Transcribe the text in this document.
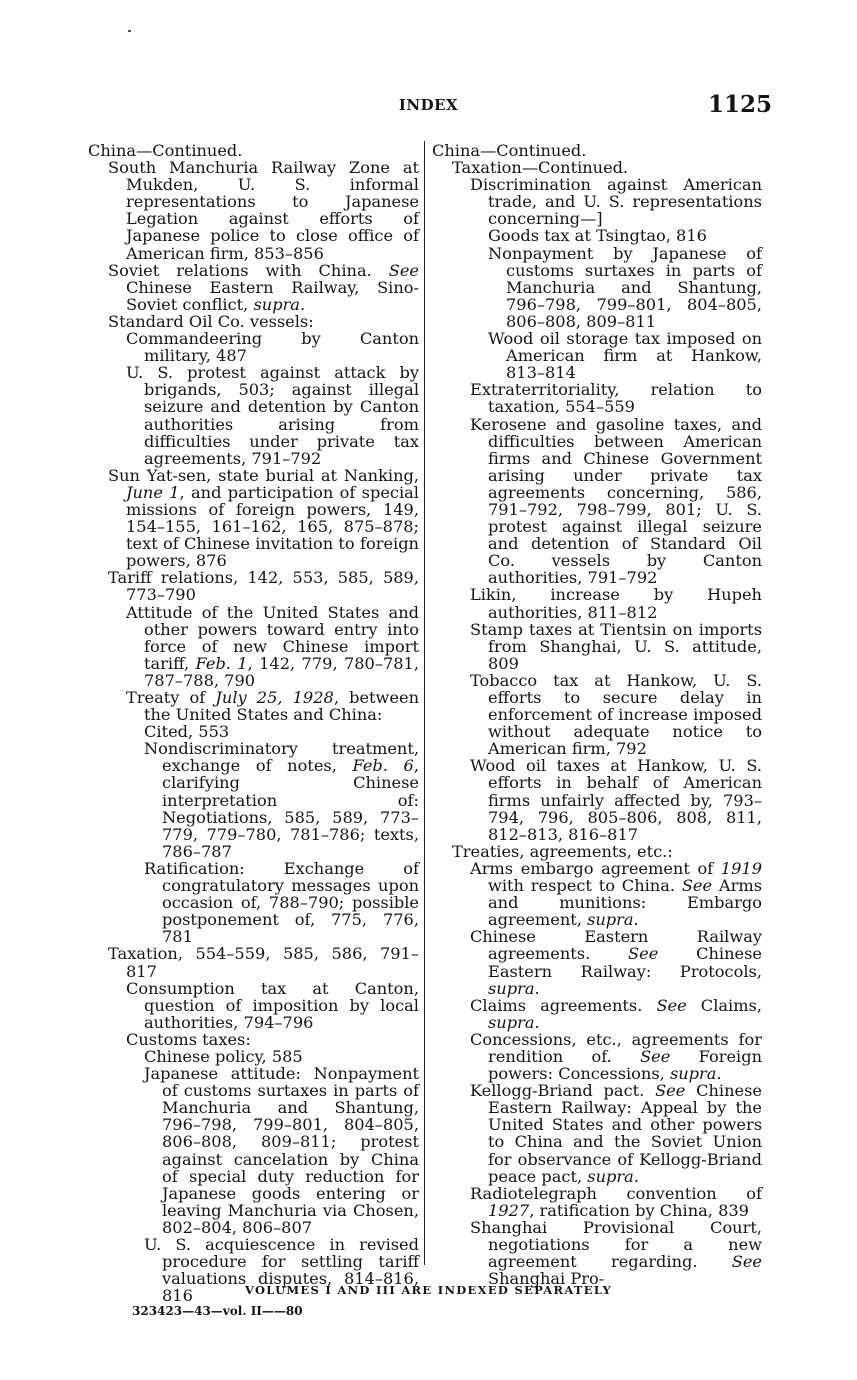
INDEX	1125
China—Continued.
South Manchuria Railway Zone at Mukden, U. S. informal representations to Japanese Legation against efforts of Japanese police to close office of American firm, 853–856
Soviet relations with China. See Chinese Eastern Railway, Sino-Soviet conflict, supra.
Standard Oil Co. vessels:
Commandeering by Canton military, 487
U. S. protest against attack by brigands, 503; against illegal seizure and detention by Canton authorities arising from difficulties under private tax agreements, 791–792
Sun Yat-sen, state burial at Nanking, June 1, and participation of special missions of foreign powers, 149, 154–155, 161–162, 165, 875–878; text of Chinese invitation to foreign powers, 876
Tariff relations, 142, 553, 585, 589, 773–790
Attitude of the United States and other powers toward entry into force of new Chinese import tariff, Feb. 1, 142, 779, 780–781, 787–788, 790
Treaty of July 25, 1928, between the United States and China:
Cited, 553
Nondiscriminatory treatment, exchange of notes, Feb. 6, clarifying Chinese interpretation of: Negotiations, 585, 589, 773–779, 779–780, 781–786; texts, 786–787
Ratification: Exchange of congratulatory messages upon occasion of, 788–790; possible postponement of, 775, 776, 781
Taxation, 554–559, 585, 586, 791–817
Consumption tax at Canton, question of imposition by local authorities, 794–796
Customs taxes:
Chinese policy, 585
Japanese attitude: Nonpayment of customs surtaxes in parts of Manchuria and Shantung, 796–798, 799–801, 804–805, 806–808, 809–811; protest against cancelation by China of special duty reduction for Japanese goods entering or leaving Manchuria via Chosen, 802–804, 806–807
U. S. acquiescence in revised procedure for settling tariff valuations disputes, 814–816, 816
China—Continued.
Taxation—Continued.
Discrimination against American trade, and U. S. representations concerning—]
Goods tax at Tsingtao, 816
Nonpayment by Japanese of customs surtaxes in parts of Manchuria and Shantung, 796–798, 799–801, 804–805, 806–808, 809–811
Wood oil storage tax imposed on American firm at Hankow, 813–814
Extraterritoriality, relation to taxation, 554–559
Kerosene and gasoline taxes, and difficulties between American firms and Chinese Government arising under private tax agreements concerning, 586, 791–792, 798–799, 801; U. S. protest against illegal seizure and detention of Standard Oil Co. vessels by Canton authorities, 791–792
Likin, increase by Hupeh authorities, 811–812
Stamp taxes at Tientsin on imports from Shanghai, U. S. attitude, 809
Tobacco tax at Hankow, U. S. efforts to secure delay in enforcement of increase imposed without adequate notice to American firm, 792
Wood oil taxes at Hankow, U. S. efforts in behalf of American firms unfairly affected by, 793–794, 796, 805–806, 808, 811, 812–813, 816–817
Treaties, agreements, etc.:
Arms embargo agreement of 1919 with respect to China. See Arms and munitions: Embargo agreement, supra.
Chinese Eastern Railway agreements. See Chinese Eastern Railway: Protocols, supra.
Claims agreements. See Claims, supra.
Concessions, etc., agreements for rendition of. See Foreign powers: Concessions, supra.
Kellogg-Briand pact. See Chinese Eastern Railway: Appeal by the United States and other powers to China and the Soviet Union for observance of Kellogg-Briand peace pact, supra.
Radiotelegraph convention of 1927, ratification by China, 839
Shanghai Provisional Court, negotiations for a new agreement regarding. See Shanghai Pro-
VOLUMES I AND III ARE INDEXED SEPARATELY
323423—43—vol. II——80
